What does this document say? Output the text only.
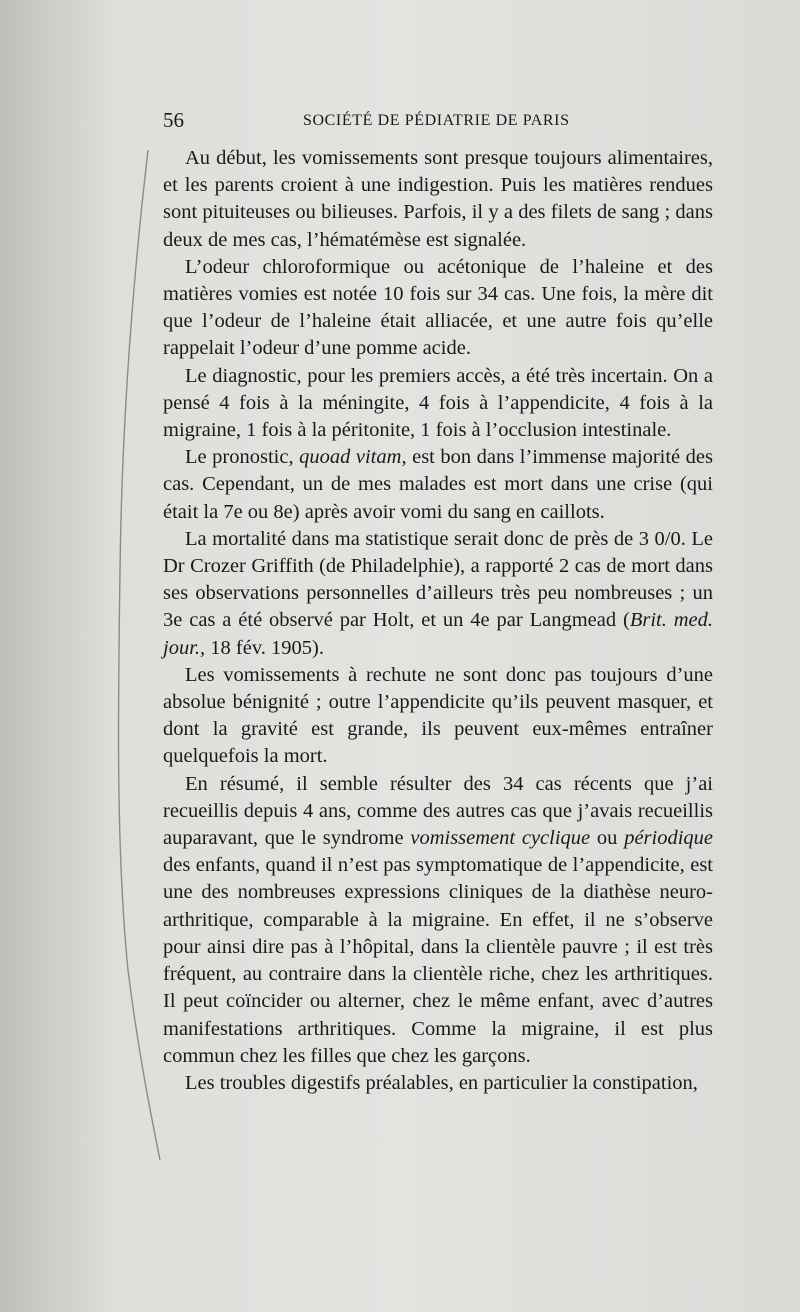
56	SOCIÉTÉ DE PÉDIATRIE DE PARIS

Au début, les vomissements sont presque toujours alimentaires, et les parents croient à une indigestion. Puis les matières rendues sont pituiteuses ou bilieuses. Parfois, il y a des filets de sang ; dans deux de mes cas, l’hématémèse est signalée.

L’odeur chloroformique ou acétonique de l’haleine et des matières vomies est notée 10 fois sur 34 cas. Une fois, la mère dit que l’odeur de l’haleine était alliacée, et une autre fois qu’elle rappelait l’odeur d’une pomme acide.

Le diagnostic, pour les premiers accès, a été très incertain. On a pensé 4 fois à la méningite, 4 fois à l’appendicite, 4 fois à la migraine, 1 fois à la péritonite, 1 fois à l’occlusion intestinale.

Le pronostic, quoad vitam, est bon dans l’immense majorité des cas. Cependant, un de mes malades est mort dans une crise (qui était la 7e ou 8e) après avoir vomi du sang en caillots.

La mortalité dans ma statistique serait donc de près de 3 0/0. Le Dr Crozer Griffith (de Philadelphie), a rapporté 2 cas de mort dans ses observations personnelles d’ailleurs très peu nombreuses ; un 3e cas a été observé par Holt, et un 4e par Langmead (Brit. med. jour., 18 fév. 1905).

Les vomissements à rechute ne sont donc pas toujours d’une absolue bénignité ; outre l’appendicite qu’ils peuvent masquer, et dont la gravité est grande, ils peuvent eux-mêmes entraîner quelquefois la mort.

En résumé, il semble résulter des 34 cas récents que j’ai recueillis depuis 4 ans, comme des autres cas que j’avais recueillis auparavant, que le syndrome vomissement cyclique ou périodique des enfants, quand il n’est pas symptomatique de l’appendicite, est une des nombreuses expressions cliniques de la diathèse neuro-arthritique, comparable à la migraine. En effet, il ne s’observe pour ainsi dire pas à l’hôpital, dans la clientèle pauvre ; il est très fréquent, au contraire dans la clientèle riche, chez les arthritiques. Il peut coïncider ou alterner, chez le même enfant, avec d’autres manifestations arthritiques. Comme la migraine, il est plus commun chez les filles que chez les garçons.

Les troubles digestifs préalables, en particulier la constipation,
